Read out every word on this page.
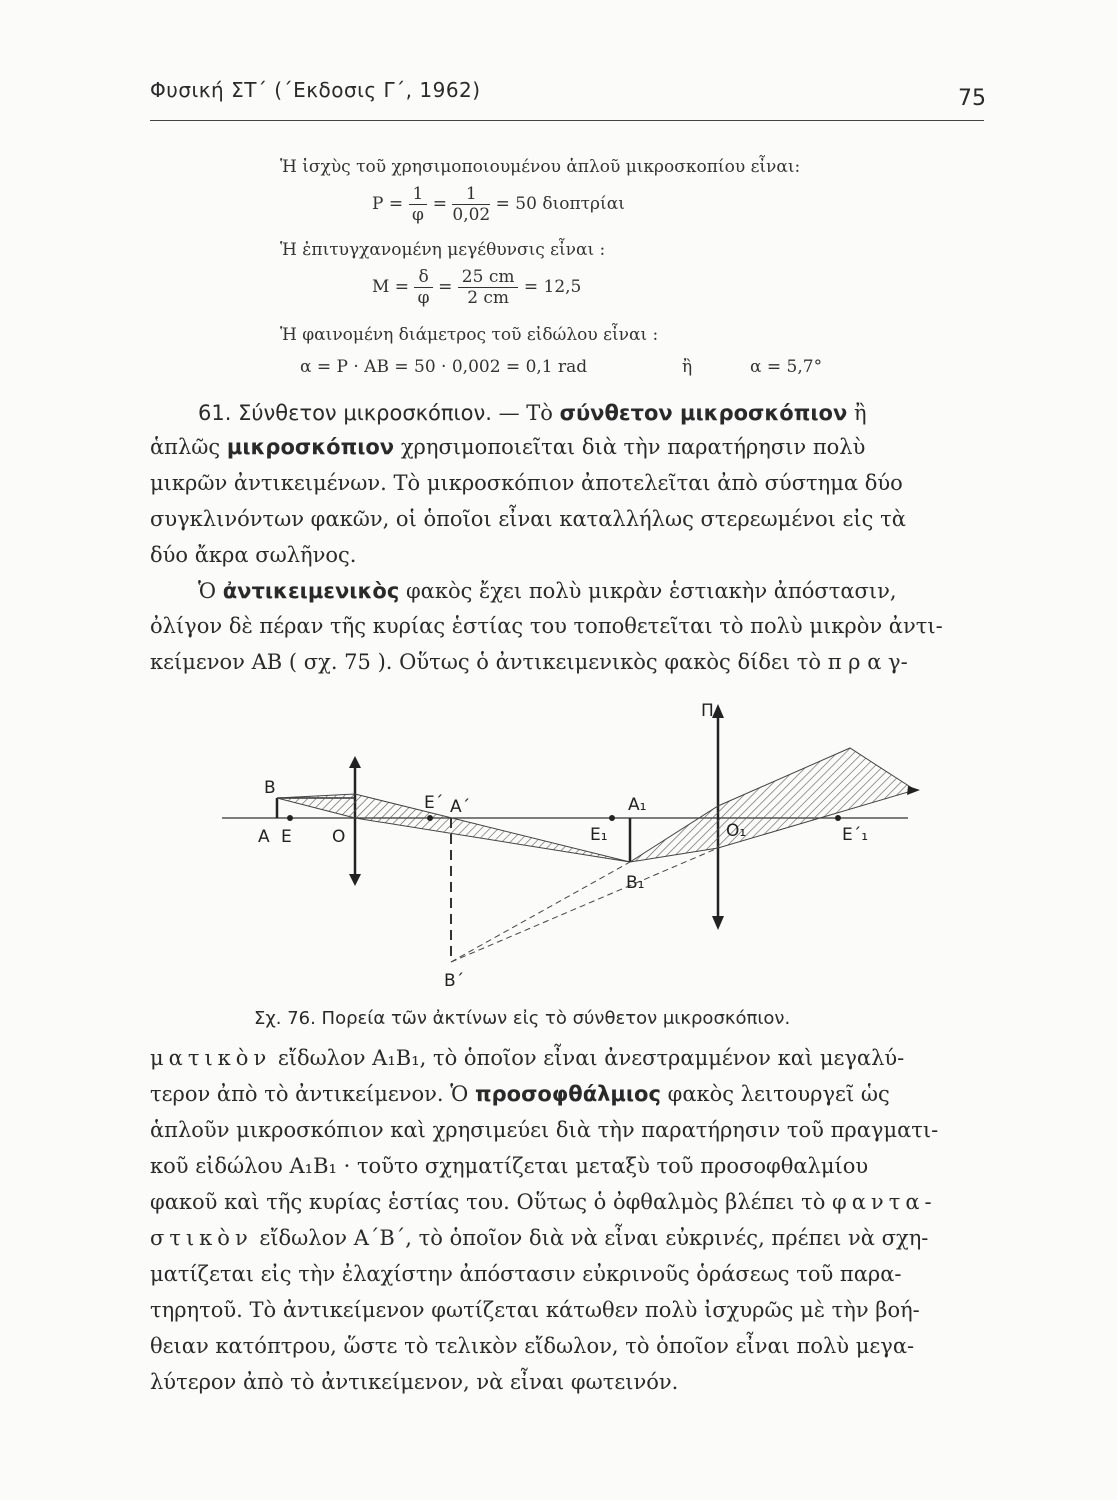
Φυσική ΣΤ΄ (΄Εκδοσις Γ΄, 1962)	75
Ἡ ἰσχὺς τοῦ χρησιμοποιουμένου ἁπλοῦ μικροσκοπίου εἶναι:
$P = \frac{1}{\varphi} = \frac{1}{0,02} = 50$ διοπτρίαι
Ἡ ἐπιτυγχανομένη μεγέθυνσις εἶναι :
$M = \frac{\delta}{\varphi} = \frac{25 cm}{2 cm} = 12,5$
Ἡ φαινομένη διάμετρος τοῦ εἰδώλου εἶναι :
α = P · AB = 50 · 0,002 = 0,1 rad	ἢ	α = 5,7°
61. Σύνθετον μικροσκόπιον. — Τὸ σύνθετον μικροσκόπιον ἢ
ἁπλῶς μικροσκόπιον χρησιμοποιεῖται διὰ τὴν παρατήρησιν πολὺ
μικρῶν ἀντικειμένων. Τὸ μικροσκόπιον ἀποτελεῖται ἀπὸ σύστημα δύο
συγκλινόντων φακῶν, οἱ ὁποῖοι εἶναι καταλλήλως στερεωμένοι εἰς τὰ
δύο ἄκρα σωλῆνος.
Ὁ ἀντικειμενικὸς φακὸς ἔχει πολὺ μικρὰν ἑστιακὴν ἀπόστασιν,
ὀλίγον δὲ πέραν τῆς κυρίας ἑστίας του τοποθετεῖται τὸ πολὺ μικρὸν ἀντι-
κείμενον AB ( σχ. 75 ). Οὕτως ὁ ἀντικειμενικὸς φακὸς δίδει τὸ π ρ α γ-
B
A E O
E΄ A΄	A₁
E₁
B₁
O₁	E΄₁
B΄
Π
Σχ. 76. Πορεία τῶν ἀκτίνων εἰς τὸ σύνθετον μικροσκόπιον.
ματικὸν εἴδωλον A₁B₁, τὸ ὁποῖον εἶναι ἀνεστραμμένον καὶ μεγαλύ-
τερον ἀπὸ τὸ ἀντικείμενον. Ὁ προσοφθάλμιος φακὸς λειτουργεῖ ὡς
ἁπλοῦν μικροσκόπιον καὶ χρησιμεύει διὰ τὴν παρατήρησιν τοῦ πραγματι-
κοῦ εἰδώλου A₁B₁ · τοῦτο σχηματίζεται μεταξὺ τοῦ προσοφθαλμίου
φακοῦ καὶ τῆς κυρίας ἑστίας του. Οὕτως ὁ ὀφθαλμὸς βλέπει τὸ φαντα-
στικὸν εἴδωλον A΄B΄, τὸ ὁποῖον διὰ νὰ εἶναι εὐκρινές, πρέπει νὰ σχη-
ματίζεται εἰς τὴν ἐλαχίστην ἀπόστασιν εὐκρινοῦς ὁράσεως τοῦ παρα-
τηρητοῦ. Τὸ ἀντικείμενον φωτίζεται κάτωθεν πολὺ ἰσχυρῶς μὲ τὴν βοή-
θειαν κατόπτρου, ὥστε τὸ τελικὸν εἴδωλον, τὸ ὁποῖον εἶναι πολὺ μεγα-
λύτερον ἀπὸ τὸ ἀντικείμενον, νὰ εἶναι φωτεινόν.
